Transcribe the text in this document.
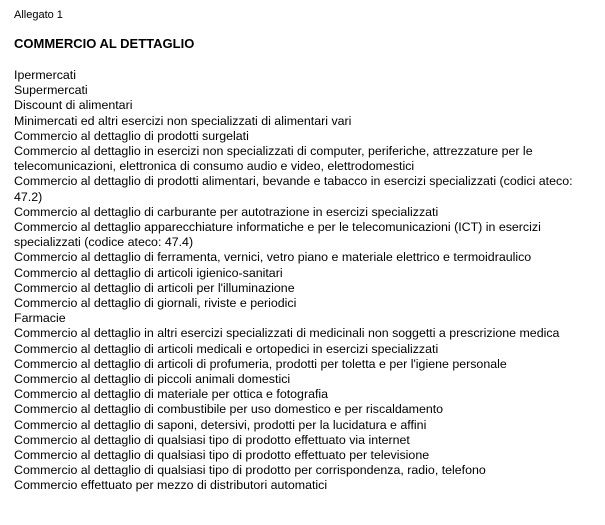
Allegato 1

COMMERCIO AL DETTAGLIO
Ipermercati
Supermercati
Discount di alimentari
Minimercati ed altri esercizi non specializzati di alimentari vari
Commercio al dettaglio di prodotti surgelati
Commercio al dettaglio in esercizi non specializzati di computer, periferiche, attrezzature per le telecomunicazioni, elettronica di consumo audio e video, elettrodomestici
Commercio al dettaglio di prodotti alimentari, bevande e tabacco in esercizi specializzati (codici ateco: 47.2)
Commercio al dettaglio di carburante per autotrazione in esercizi specializzati
Commercio al dettaglio apparecchiature informatiche e per le telecomunicazioni (ICT) in esercizi specializzati (codice ateco: 47.4)
Commercio al dettaglio di ferramenta, vernici, vetro piano e materiale elettrico e termoidraulico
Commercio al dettaglio di articoli igienico-sanitari
Commercio al dettaglio di articoli per l'illuminazione
Commercio al dettaglio di giornali, riviste e periodici
Farmacie
Commercio al dettaglio in altri esercizi specializzati di medicinali non soggetti a prescrizione medica
Commercio al dettaglio di articoli medicali e ortopedici in esercizi specializzati
Commercio al dettaglio di articoli di profumeria, prodotti per toletta e per l'igiene personale
Commercio al dettaglio di piccoli animali domestici
Commercio al dettaglio di materiale per ottica e fotografia
Commercio al dettaglio di combustibile per uso domestico e per riscaldamento
Commercio al dettaglio di saponi, detersivi, prodotti per la lucidatura e affini
Commercio al dettaglio di qualsiasi tipo di prodotto effettuato via internet
Commercio al dettaglio di qualsiasi tipo di prodotto effettuato per televisione
Commercio al dettaglio di qualsiasi tipo di prodotto per corrispondenza, radio, telefono
Commercio effettuato per mezzo di distributori automatici
